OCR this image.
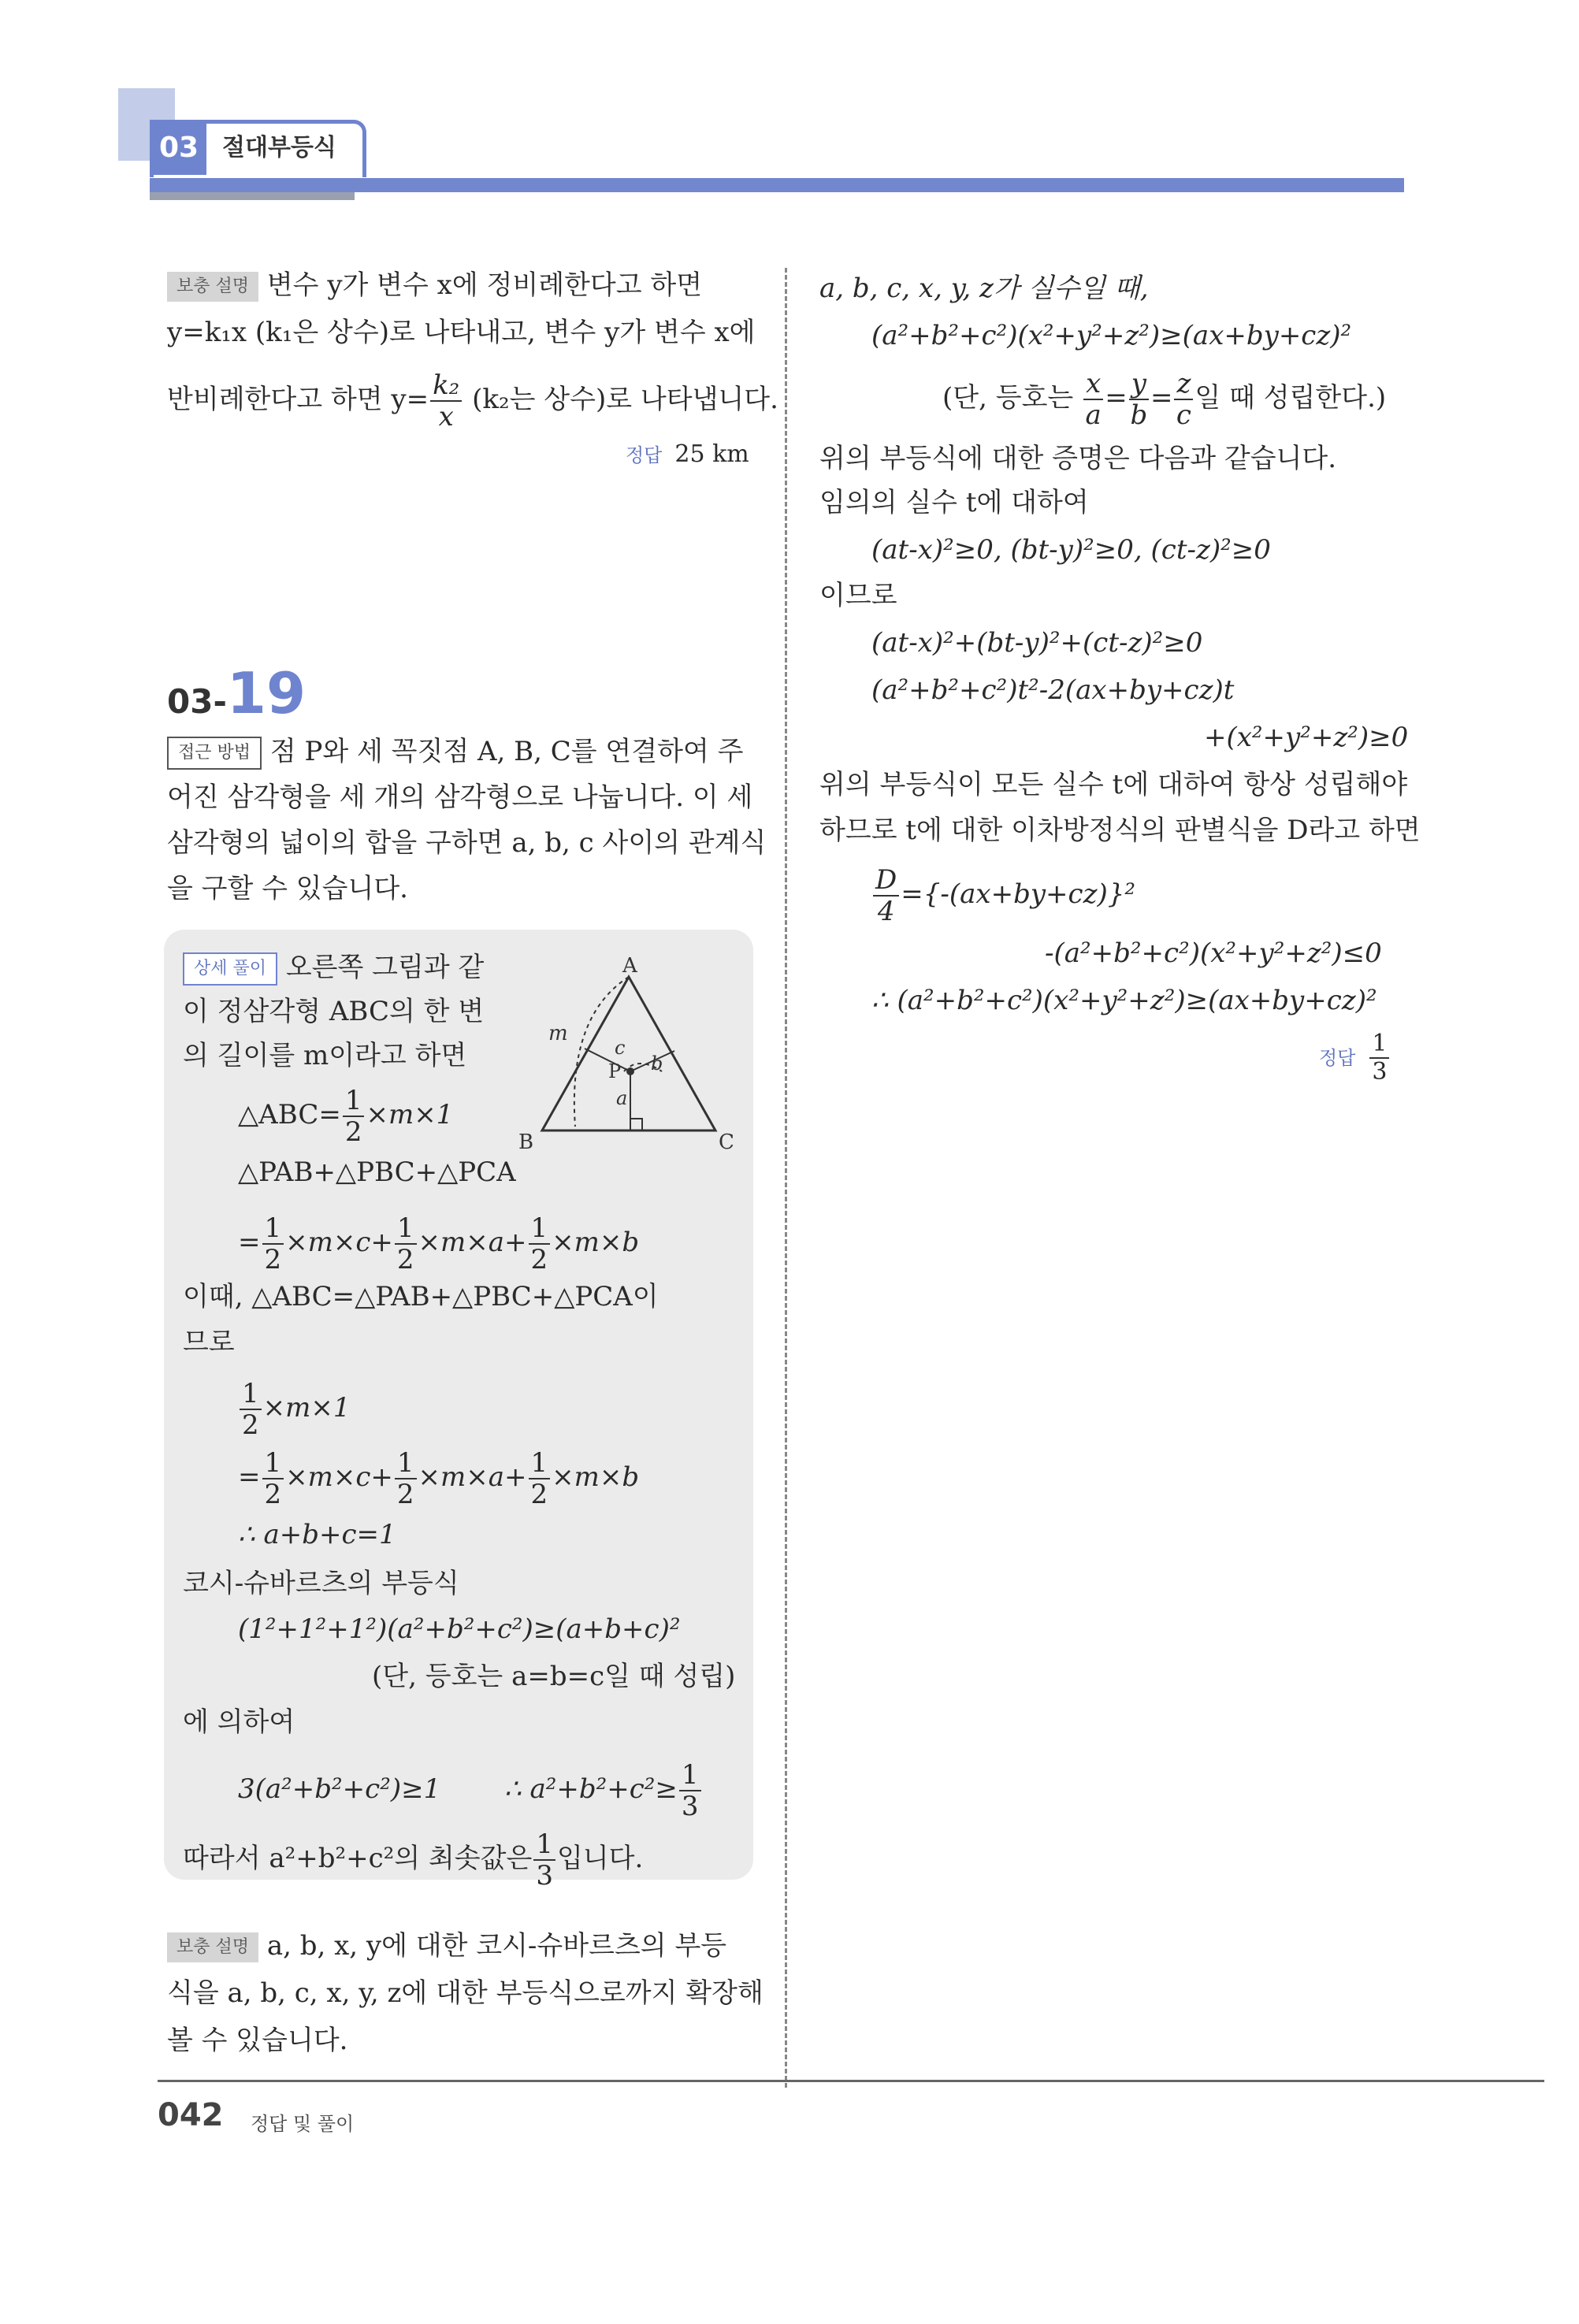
03 절대부등식
보충 설명 변수 y가 변수 x에 정비례한다고 하면
y=k₁x (k₁은 상수)로 나타내고, 변수 y가 변수 x에
반비례한다고 하면 $y= \frac{\text{k₂}}{x} (k_2$는 상수)로 나타냅니다.
정답 25 km
03-19
접근 방법 점 P와 세 꼭짓점 A, B, C를 연결하여 주
어진 삼각형을 세 개의 삼각형으로 나눕니다. 이 세
삼각형의 넓이의 합을 구하면 a, b, c 사이의 관계식
을 구할 수 있습니다.
상세 풀이 오른쪽 그림과 같
이 정삼각형 ABC의 한 변
의 길이를 m이라고 하면
A
B	C
P
m
a
b
c
△ABC= $\frac{1}{2} \times m\times 1$
△PAB+△PBC+△PCA
= $\frac{1}{2} \times m\times c+ \frac{1}{2} \times m\times a+ \frac{1}{2} \times m\times b$
이때, △ABC=△PAB+△PBC+△PCA이
므로
$\frac{1}{2} \times m\times 1$
= $\frac{1}{2} \times m\times c+ \frac{1}{2} \times m\times a+ \frac{1}{2} \times m\times b$
∴ a+b+c=1
코시-슈바르츠의 부등식
(1²+1²+1²)(a²+b²+c²)≥(a+b+c)²
(단, 등호는 a=b=c일 때 성립)
에 의하여
3(a²+b²+c²)≥1 ∴ $a^2+b^2+c^2\ge \frac{1}{3}$
따라서 a²+b²+c²의 최솟값은 $\frac{1}{3}$ 입니다.
보충 설명 a, b, x, y에 대한 코시-슈바르츠의 부등
식을 a, b, c, x, y, z에 대한 부등식으로까지 확장해
볼 수 있습니다.
a, b, c, x, y, z가 실수일 때,
(a²+b²+c²)(x²+y²+z²)≥(ax+by+cz)²
(단, 등호는 $\frac{x}{a} = \frac{y}{b} = \frac{z}{c}$ 일 때 성립한다.)
위의 부등식에 대한 증명은 다음과 같습니다.
임의의 실수 t에 대하여
(at-x)²≥0, (bt-y)²≥0, (ct-z)²≥0
이므로
(at-x)²+(bt-y)²+(ct-z)²≥0
(a²+b²+c²)t²-2(ax+by+cz)t
+(x²+y²+z²)≥0
위의 부등식이 모든 실수 t에 대하여 항상 성립해야
하므로 t에 대한 이차방정식의 판별식을 D라고 하면
$\frac{D}{4} =\{-(ax+by+cz)\}^2$
-(a²+b²+c²)(x²+y²+z²)≤0
∴ (a²+b²+c²)(x²+y²+z²)≥(ax+by+cz)²
정답 $\frac{1}{3}$
042 정답 및 풀이
